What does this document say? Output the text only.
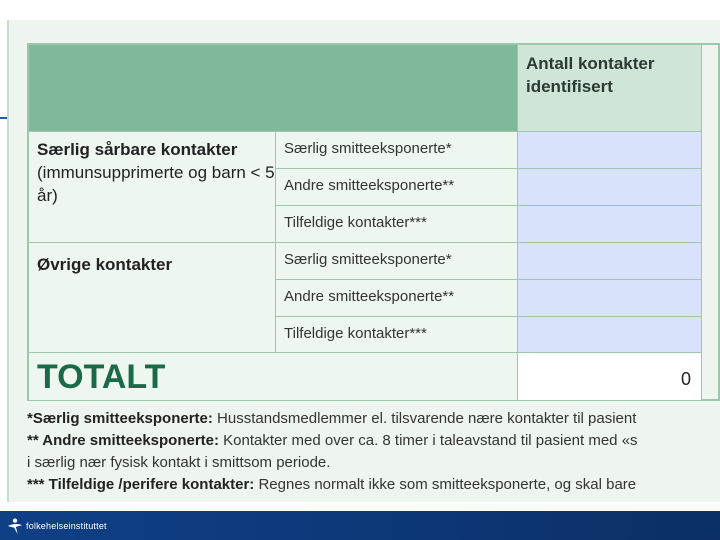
Antall kontakter identifisert
Særlig sårbare kontakter
(immunsupprimerte og barn < 5 år)
Særlig smitteeksponerte*
Andre smitteeksponerte**
Tilfeldige kontakter***
Øvrige kontakter	Særlig smitteeksponerte*
Andre smitteeksponerte**
Tilfeldige kontakter***
TOTALT	0
*Særlig smitteeksponerte: Husstandsmedlemmer el. tilsvarende nære kontakter til pasient
** Andre smitteeksponerte: Kontakter med over ca. 8 timer i taleavstand til pasient med «s
i særlig nær fysisk kontakt i smittsom periode.
*** Tilfeldige /perifere kontakter: Regnes normalt ikke som smitteeksponerte, og skal bare
folkehelseinstituttet
